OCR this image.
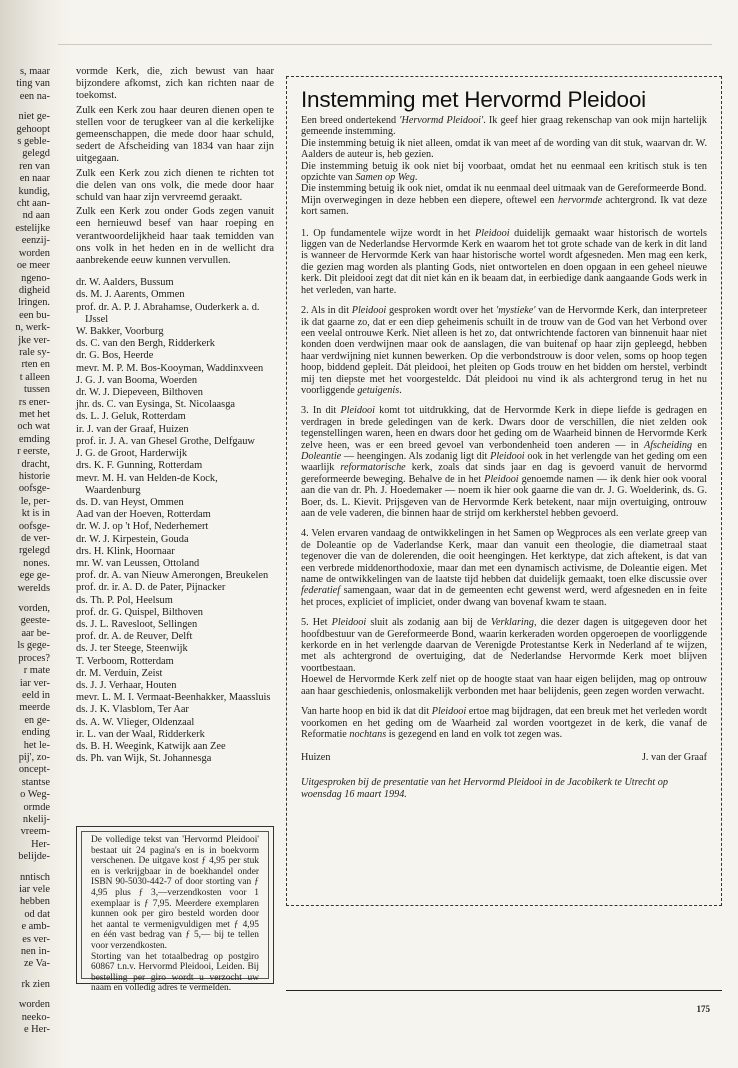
s, maar
ting van
een na-
niet ge-
gehoopt
s geble-
gelegd
ren van
en naar
kundig,
cht aan-
nd aan
estelijke
eenzij-
worden
oe meer
ngeno-
digheid
lringen.
een bu-
n, werk-
jke ver-
rale sy-
rten en
t alleen
tussen
rs ener-
met het
och wat
emding
r eerste,
dracht,
historie
oofsge-
le, per-
kt is in
oofsge-
de ver-
rgelegd
nones.
ege ge-
werelds
vorden,
geeste-
aar be-
ls gege-
proces?
r mate
iar ver-
eeld in
meerde
en ge-
ending
het le-
pij', zo-
oncept-
stantse
o Weg-
ormde
nkelij-
vreem-
Her-
belijde-
nntisch
iar vele
hebben
od dat
e amb-
es ver-
nen in-
ze Va-
rk zien
worden
neeko-
e Her-

vormde Kerk, die, zich bewust van haar bijzondere afkomst, zich kan richten naar de toekomst.

Zulk een Kerk zou haar deuren dienen open te stellen voor de terugkeer van al die kerkelijke gemeenschappen, die mede door haar schuld, sedert de Afscheiding van 1834 van haar zijn uitgegaan.

Zulk een Kerk zou zich dienen te richten tot die delen van ons volk, die mede door haar schuld van haar zijn vervreemd geraakt.

Zulk een Kerk zou onder Gods zegen vanuit een hernieuwd besef van haar roeping en verantwoordelijkheid haar taak temidden van ons volk in het heden en in de wellicht dra aanbrekende eeuw kunnen vervullen.

dr. W. Aalders, Bussum
ds. M. J. Aarents, Ommen
prof. dr. A. P. J. Abrahamse, Ouderkerk a. d. IJssel
W. Bakker, Voorburg
ds. C. van den Bergh, Ridderkerk
dr. G. Bos, Heerde
mevr. M. P. M. Bos-Kooyman, Waddinxveen
J. G. J. van Booma, Woerden
dr. W. J. Diepeveen, Bilthoven
jhr. ds. C. van Eysinga, St. Nicolaasga
ds. L. J. Geluk, Rotterdam
ir. J. van der Graaf, Huizen
prof. ir. J. A. van Ghesel Grothe, Delfgauw
J. G. de Groot, Harderwijk
drs. K. F. Gunning, Rotterdam
mevr. M. H. van Helden-de Kock, Waardenburg
ds. D. van Heyst, Ommen
Aad van der Hoeven, Rotterdam
dr. W. J. op 't Hof, Nederhemert
dr. W. J. Kirpestein, Gouda
drs. H. Klink, Hoornaar
mr. W. van Leussen, Ottoland
prof. dr. A. van Nieuw Amerongen, Breukelen
prof. dr. ir. A. D. de Pater, Pijnacker
ds. Th. P. Pol, Heelsum
prof. dr. G. Quispel, Bilthoven
ds. J. L. Ravesloot, Sellingen
prof. dr. A. de Reuver, Delft
ds. J. ter Steege, Steenwijk
T. Verboom, Rotterdam
dr. M. Verduin, Zeist
ds. J. J. Verhaar, Houten
mevr. L. M. I. Vermaat-Beenhakker, Maassluis
ds. J. K. Vlasblom, Ter Aar
ds. A. W. Vlieger, Oldenzaal
ir. L. van der Waal, Ridderkerk
ds. B. H. Weegink, Katwijk aan Zee
ds. Ph. van Wijk, St. Johannesga

De volledige tekst van 'Hervormd Pleidooi' bestaat uit 24 pagina's en is in boekvorm verschenen. De uitgave kost ƒ 4,95 per stuk en is verkrijgbaar in de boekhandel onder ISBN 90-5030-442-7 of door storting van ƒ 4,95 plus ƒ 3,—verzendkosten voor 1 exemplaar is ƒ 7,95. Meerdere exemplaren kunnen ook per giro besteld worden door het aantal te vermenigvuldigen met ƒ 4,95 en één vast bedrag van ƒ 5,— bij te tellen voor verzendkosten.

Storting van het totaalbedrag op postgiro 60867 t.n.v. Hervormd Pleidooi, Leiden. Bij bestelling per giro wordt u verzocht uw naam en volledig adres te vermelden.

Instemming met Hervormd Pleidooi

Een breed ondertekend 'Hervormd Pleidooi'. Ik geef hier graag rekenschap van ook mijn hartelijk gemeende instemming.

Die instemming betuig ik niet alleen, omdat ik van meet af de wording van dit stuk, waarvan dr. W. Aalders de auteur is, heb gezien.

Die instemming betuig ik ook niet bij voorbaat, omdat het nu eenmaal een kritisch stuk is ten opzichte van Samen op Weg.

Die instemming betuig ik ook niet, omdat ik nu eenmaal deel uitmaak van de Gereformeerde Bond.

Mijn overwegingen in deze hebben een diepere, oftewel een hervormde achtergrond. Ik vat deze kort samen.

1. Op fundamentele wijze wordt in het Pleidooi duidelijk gemaakt waar historisch de wortels liggen van de Nederlandse Hervormde Kerk en waarom het tot grote schade van de kerk in dit land is wanneer de Hervormde Kerk van haar historische wortel wordt afgesneden. Men mag een kerk, die gezien mag worden als planting Gods, niet ontwortelen en doen opgaan in een geheel nieuwe kerk. Dit pleidooi zegt dat dit niet kán en ik beaam dat, in eerbiedige dank aangaande Gods werk in het verleden, van harte.

2. Als in dit Pleidooi gesproken wordt over het 'mystieke' van de Hervormde Kerk, dan interpreteer ik dat gaarne zo, dat er een diep geheimenis schuilt in de trouw van de God van het Verbond over een veelal ontrouwe Kerk. Niet alleen is het zo, dat ontwrichtende factoren van binnenuit haar niet konden doen verdwijnen maar ook de aanslagen, die van buitenaf op haar zijn gepleegd, hebben haar verdwijning niet kunnen bewerken. Op die verbondstrouw is door velen, soms op hoop tegen hoop, biddend gepleit. Dát pleidooi, het pleiten op Gods trouw en het bidden om herstel, verbindt mij ten diepste met het voorgesteldc. Dát pleidooi nu vind ik als achtergrond terug in het nu voorliggende getuigenis.

3. In dit Pleidooi komt tot uitdrukking, dat de Hervormde Kerk in diepe liefde is gedragen en verdragen in brede geledingen van de kerk. Dwars door de verschillen, die niet zelden ook tegenstellingen waren, heen en dwars door het geding om de Waarheid binnen de Hervormde Kerk zelve heen, was er een breed gevoel van verbondenheid toen anderen — in Afscheiding en Doleantie — heengingen. Als zodanig ligt dit Pleidooi ook in het verlengde van het geding om een waarlijk reformatorische kerk, zoals dat sinds jaar en dag is gevoerd vanuit de hervormd gereformeerde beweging. Behalve de in het Pleidooi genoemde namen — ik denk hier ook vooral aan die van dr. Ph. J. Hoedemaker — noem ik hier ook gaarne die van dr. J. G. Woelderink, ds. G. Boer, ds. L. Kievit. Prijsgeven van de Hervormde Kerk betekent, naar mijn overtuiging, ontrouw aan de vele vaderen, die binnen haar de strijd om kerkherstel hebben gevoerd.

4. Velen ervaren vandaag de ontwikkelingen in het Samen op Wegproces als een verlate greep van de Doleantie op de Vaderlandse Kerk, maar dan vanuit een theologie, die diametraal staat tegenover die van de dolerenden, die ooit heengingen. Het kerktype, dat zich aftekent, is dat van een verbrede middenorthodoxie, maar dan met een dynamisch activisme, de Doleantie eigen. Met name de ontwikkelingen van de laatste tijd hebben dat duidelijk gemaakt, toen elke discussie over federatief samengaan, waar dat in de gemeenten echt gewenst werd, werd afgesneden en in feite het proces, expliciet of impliciet, onder dwang van bovenaf kwam te staan.

5. Het Pleidooi sluit als zodanig aan bij de Verklaring, die dezer dagen is uitgegeven door het hoofdbestuur van de Gereformeerde Bond, waarin kerkeraden worden opgeroepen de voorliggende kerkorde en in het verlengde daarvan de Verenigde Protestantse Kerk in Nederland af te wijzen, met als achtergrond de overtuiging, dat de Nederlandse Hervormde Kerk moet blijven voortbestaan.
Hoewel de Hervormde Kerk zelf niet op de hoogte staat van haar eigen belijden, mag op ontrouw aan haar geschiedenis, onlosmakelijk verbonden met haar belijdenis, geen zegen worden verwacht.

Van harte hoop en bid ik dat dit Pleidooi ertoe mag bijdragen, dat een breuk met het verleden wordt voorkomen en het geding om de Waarheid zal worden voortgezet in de kerk, die vanaf de Reformatie nochtans is gezegend en land en volk tot zegen was.

Huizen	J. van der Graaf
Uitgesproken bij de presentatie van het Hervormd Pleidooi in de Jacobikerk te Utrecht op woensdag 16 maart 1994.
175
